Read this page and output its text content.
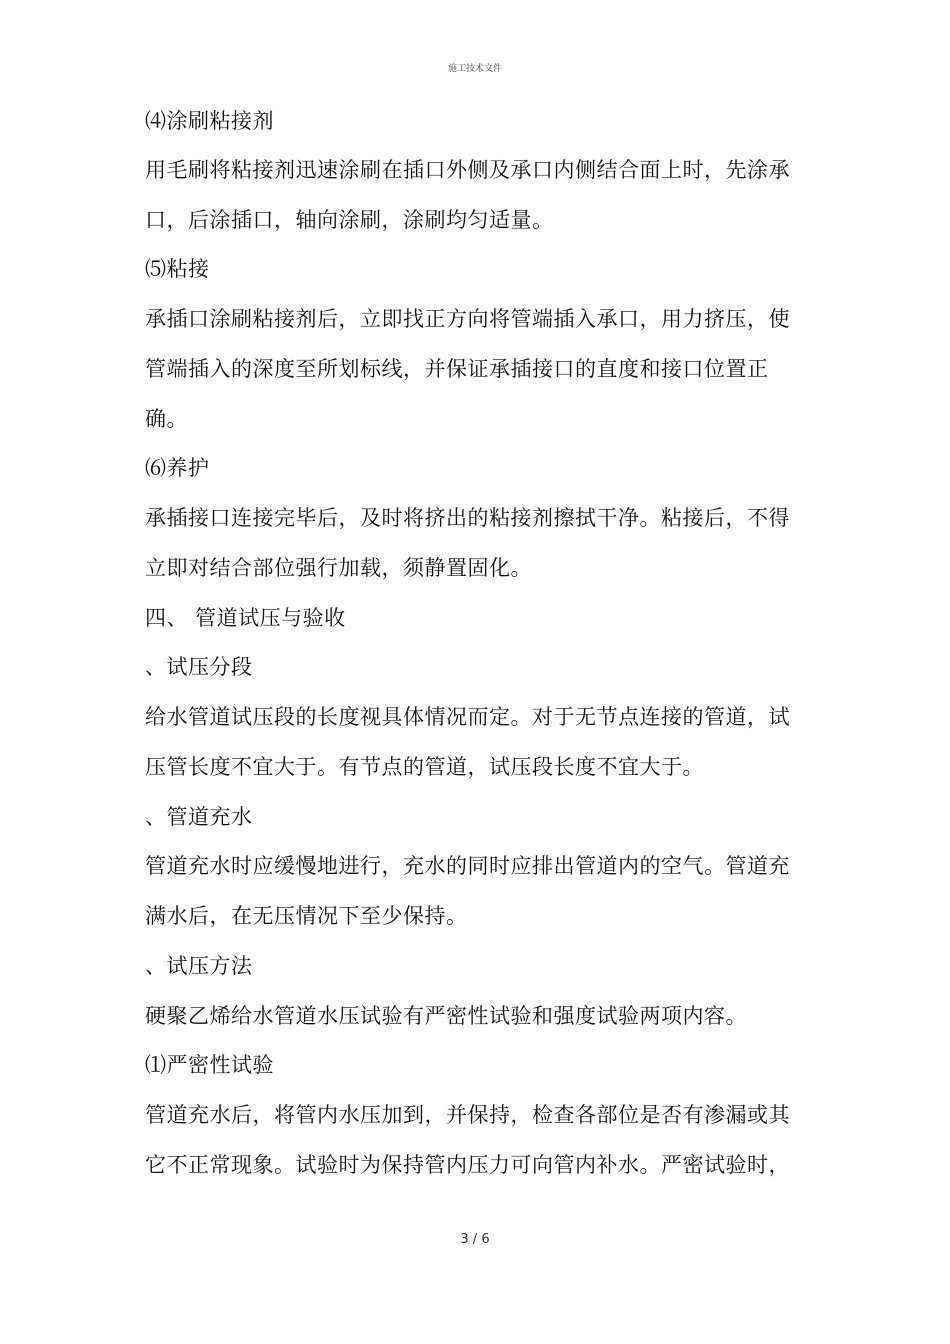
施工技术文件
⑷涂刷粘接剂
用毛刷将粘接剂迅速涂刷在插口外侧及承口内侧结合面上时，先涂承
口，后涂插口，轴向涂刷，涂刷均匀适量。
⑸粘接
承插口涂刷粘接剂后，立即找正方向将管端插入承口，用力挤压，使
管端插入的深度至所划标线，并保证承插接口的直度和接口位置正
确。
⑹养护
承插接口连接完毕后，及时将挤出的粘接剂擦拭干净。粘接后，不得
立即对结合部位强行加载，须静置固化。
四、 管道试压与验收
、试压分段
给水管道试压段的长度视具体情况而定。对于无节点连接的管道，试
压管长度不宜大于。有节点的管道，试压段长度不宜大于。
、管道充水
管道充水时应缓慢地进行，充水的同时应排出管道内的空气。管道充
满水后，在无压情况下至少保持。
、试压方法
硬聚乙烯给水管道水压试验有严密性试验和强度试验两项内容。
⑴严密性试验
管道充水后，将管内水压加到，并保持，检查各部位是否有渗漏或其
它不正常现象。试验时为保持管内压力可向管内补水。严密试验时，
3 / 6
